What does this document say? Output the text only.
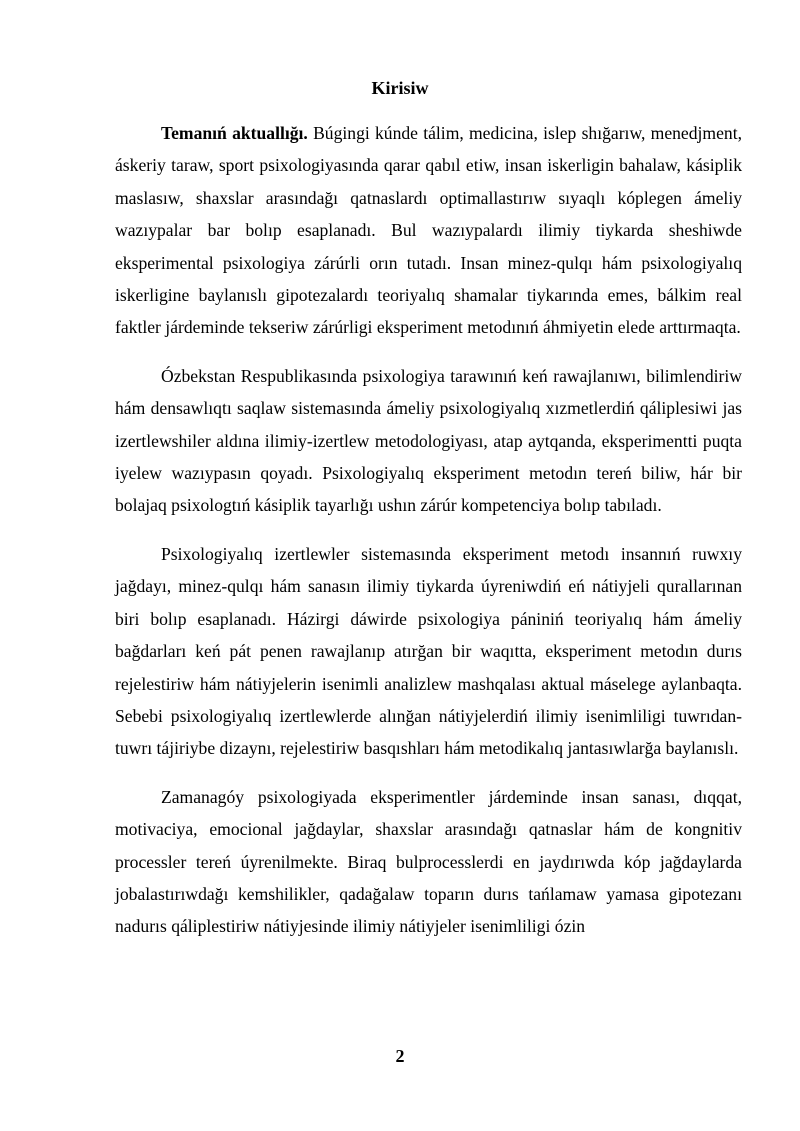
Kirisiw

Temanıń aktuallığı. Búgingi kúnde tálim, medicina, islep shığarıw, menedjment, áskeriy taraw, sport psixologiyasında qarar qabıl etiw, insan iskerligin bahalaw, kásiplik maslasıw, shaxslar arasındağı qatnaslardı optimallastırıw sıyaqlı kóplegen ámeliy wazıypalar bar bolıp esaplanadı. Bul wazıypalardı ilimiy tiykarda sheshiwde eksperimental psixologiya zárúrli orın tutadı. Insan minez-qulqı hám psixologiyalıq iskerligine baylanıslı gipotezalardı teoriyalıq shamalar tiykarında emes, bálkim real faktler járdeminde tekseriw zárúrligi eksperiment metodınıń áhmiyetin elede arttırmaqta.

Ózbekstan Respublikasında psixologiya tarawınıń keń rawajlanıwı, bilimlendiriw hám densawlıqtı saqlaw sistemasında ámeliy psixologiyalıq xızmetlerdiń qáliplesiwi jas izertlewshiler aldına ilimiy-izertlew metodologiyası, atap aytqanda, eksperimentti puqta iyelew wazıypasın qoyadı. Psixologiyalıq eksperiment metodın tereń biliw, hár bir bolajaq psixologtıń kásiplik tayarlığı ushın zárúr kompetenciya bolıp tabıladı.

Psixologiyalıq izertlewler sistemasında eksperiment metodı insannıń ruwxıy jağdayı, minez-qulqı hám sanasın ilimiy tiykarda úyreniwdiń eń nátiyjeli qurallarınan biri bolıp esaplanadı. Házirgi dáwirde psixologiya pániniń teoriyalıq hám ámeliy bağdarları keń pát penen rawajlanıp atırğan bir waqıtta, eksperiment metodın durıs rejelestiriw hám nátiyjelerin isenimli analizlew mashqalası aktual máselege aylanbaqta. Sebebi psixologiyalıq izertlewlerde alınğan nátiyjelerdiń ilimiy isenimliligi tuwrıdan-tuwrı tájiriybe dizaynı, rejelestiriw basqıshları hám metodikalıq jantasıwlarğa baylanıslı.

Zamanagóy psixologiyada eksperimentler járdeminde insan sanası, dıqqat, motivaciya, emocional jağdaylar, shaxslar arasındağı qatnaslar hám de kongnitiv processler tereń úyrenilmekte. Biraq bulprocesslerdi en jaydırıwda kóp jağdaylarda jobalastırıwdağı kemshilikler, qadağalaw toparın durıs tańlamaw yamasa gipotezanı nadurıs qáliplestiriw nátiyjesinde ilimiy nátiyjeler isenimliligi ózin

2
